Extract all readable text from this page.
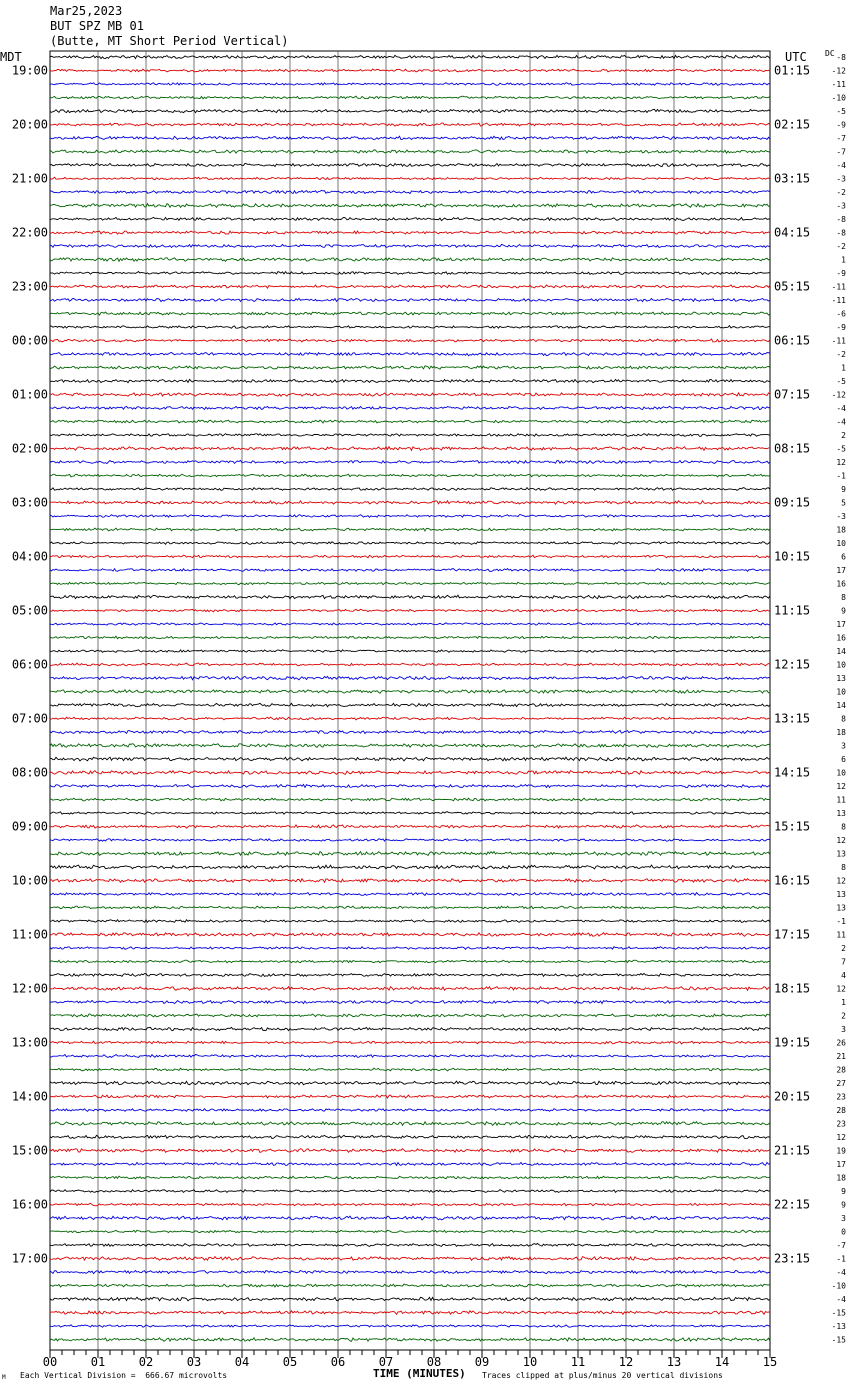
Mar25,2023
BUT SPZ MB 01
(Butte, MT Short Period Vertical)
MDT	UTC DC
19:00
20:00
21:00
22:00
23:00
00:00
01:00
02:00
03:00
04:00
05:00
06:00
07:00
08:00
09:00
10:00
11:00
12:00
13:00
14:00
15:00
16:00
17:00
01:15
02:15
03:15
04:15
05:15
06:15
07:15
08:15
09:15
10:15
11:15
12:15
13:15
14:15
15:15
16:15
17:15
18:15
19:15
20:15
21:15
22:15
23:15
-8
-12
-11
-10
-5
-9
-7
-7
-4
-3
-2
-3
-8
-8
-2
1
-9
-11
-11
-6
-9
-11
-2
1
-5
-12
-4
-4
2
-5
12
-1
9
5
-3
18
10
6
17
16
8
9
17
16
14
10
13
10
14
8
18
3
6
10
12
11
13
8
12
13
8
12
13
13
-1
11
2
7
4
12
1
2
3
26
21
28
27
23
28
23
12
19
17
18
9
9
3
0
-7
-1
-4
-10
-4
-15
-13
-15
00	01	02	03	04	05	06	07	08	09	10	11	12	13	14	15
TIME (MINUTES)
M Each Vertical Division =  666.67 microvolts	Traces clipped at plus/minus 20 vertical divisions
